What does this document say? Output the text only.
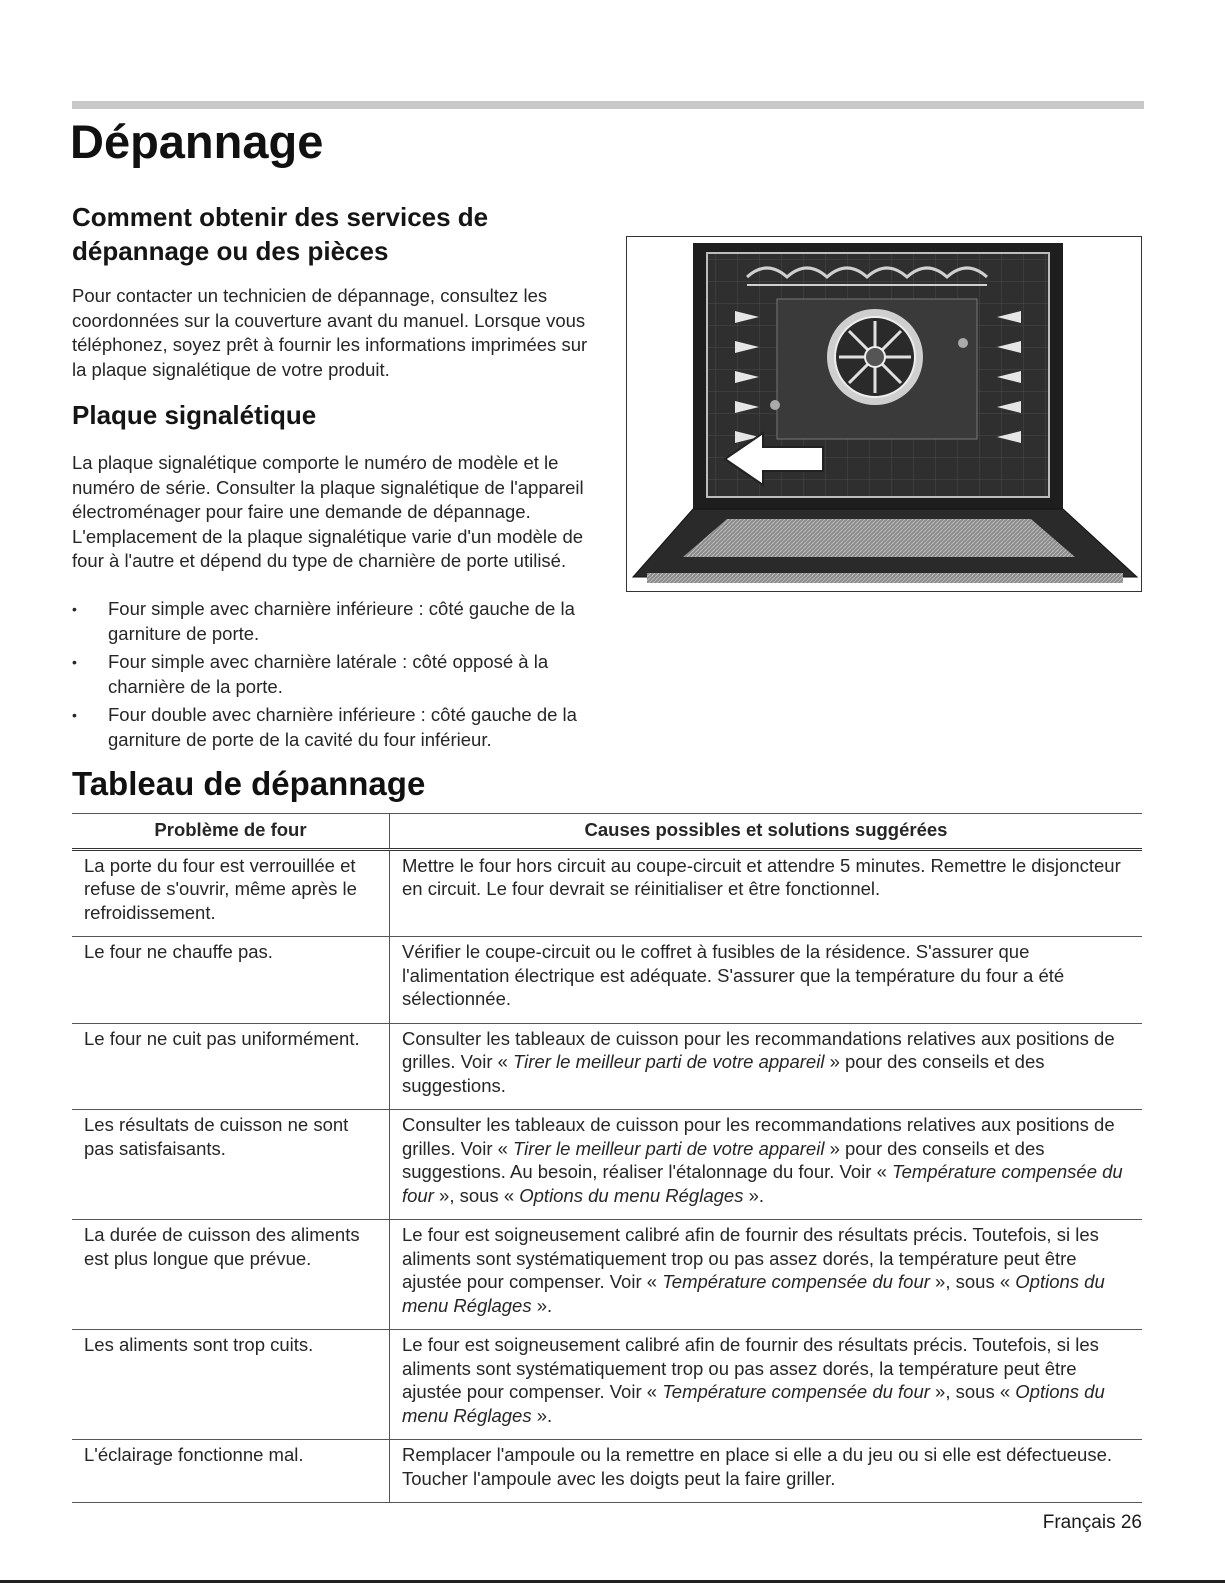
Dépannage
Comment obtenir des services de dépannage ou des pièces

Pour contacter un technicien de dépannage, consultez les coordonnées sur la couverture avant du manuel. Lorsque vous téléphonez, soyez prêt à fournir les informations imprimées sur la plaque signalétique de votre produit.

Plaque signalétique

La plaque signalétique comporte le numéro de modèle et le numéro de série. Consulter la plaque signalétique de l'appareil électroménager pour faire une demande de dépannage. L'emplacement de la plaque signalétique varie d'un modèle de four à l'autre et dépend du type de charnière de porte utilisé.

•	Four simple avec charnière inférieure : côté gauche de la garniture de porte.
•	Four simple avec charnière latérale : côté opposé à la charnière de la porte.
•	Four double avec charnière inférieure : côté gauche de la garniture de porte de la cavité du four inférieur.
Tableau de dépannage
Problème de four	Causes possibles et solutions suggérées
La porte du four est verrouillée et refuse de s'ouvrir, même après le refroidissement.	Mettre le four hors circuit au coupe-circuit et attendre 5 minutes. Remettre le disjoncteur en circuit. Le four devrait se réinitialiser et être fonctionnel.
Le four ne chauffe pas.	Vérifier le coupe-circuit ou le coffret à fusibles de la résidence. S'assurer que l'alimentation électrique est adéquate. S'assurer que la température du four a été sélectionnée.
Le four ne cuit pas uniformément.	Consulter les tableaux de cuisson pour les recommandations relatives aux positions de grilles. Voir « Tirer le meilleur parti de votre appareil » pour des conseils et des suggestions.
Les résultats de cuisson ne sont pas satisfaisants.	Consulter les tableaux de cuisson pour les recommandations relatives aux positions de grilles. Voir « Tirer le meilleur parti de votre appareil » pour des conseils et des suggestions. Au besoin, réaliser l'étalonnage du four. Voir « Température compensée du four », sous « Options du menu Réglages ».
La durée de cuisson des aliments est plus longue que prévue.	Le four est soigneusement calibré afin de fournir des résultats précis. Toutefois, si les aliments sont systématiquement trop ou pas assez dorés, la température peut être ajustée pour compenser. Voir « Température compensée du four », sous « Options du menu Réglages ».
Les aliments sont trop cuits.	Le four est soigneusement calibré afin de fournir des résultats précis. Toutefois, si les aliments sont systématiquement trop ou pas assez dorés, la température peut être ajustée pour compenser. Voir « Température compensée du four », sous « Options du menu Réglages ».
L'éclairage fonctionne mal.	Remplacer l'ampoule ou la remettre en place si elle a du jeu ou si elle est défectueuse. Toucher l'ampoule avec les doigts peut la faire griller.
Français 26
